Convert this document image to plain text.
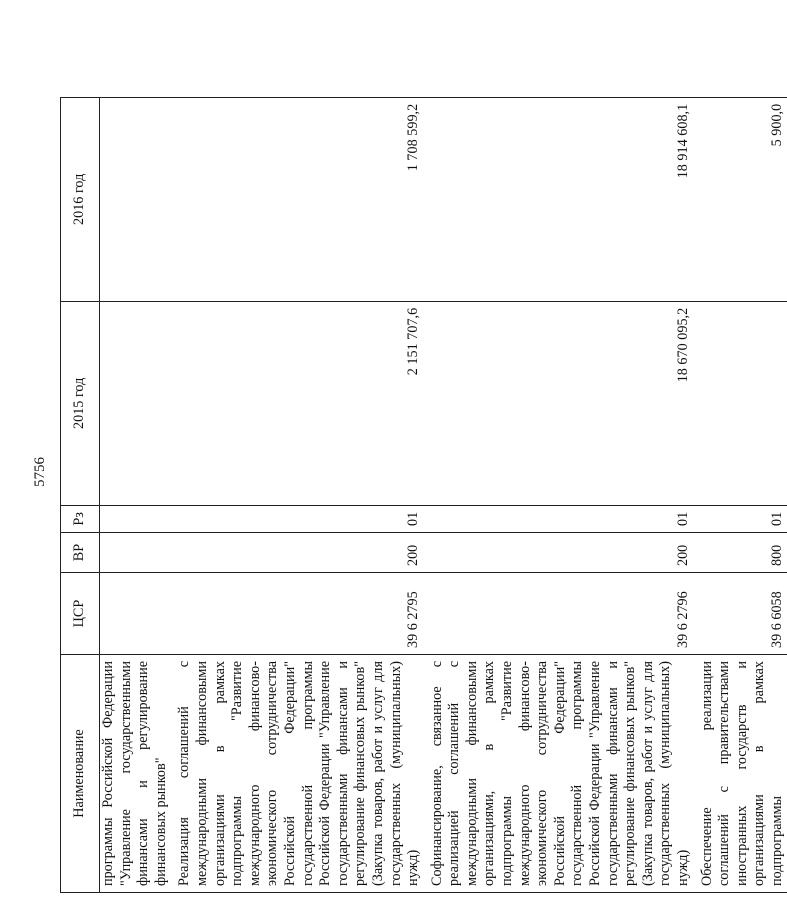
5756
Наименование	ЦСР	ВР	Рз	2015 год	2016 год
программы Российской Федерации "Управление государственными финансами и регулирование финансовых рынков"					
Реализация соглашений с международными финансовыми организациями в рамках подпрограммы "Развитие международного финансово-экономического сотрудничества Российской Федерации" государственной программы Российской Федерации "Управление государственными финансами и регулирование финансовых рынков" (Закупка товаров, работ и услуг для государственных (муниципальных) нужд)	39 6 2795	200	01	2 151 707,6	1 708 599,2
Софинансирование, связанное с реализацией соглашений с международными финансовыми организациями, в рамках подпрограммы "Развитие международного финансово-экономического сотрудничества Российской Федерации" государственной программы Российской Федерации "Управление государственными финансами и регулирование финансовых рынков" (Закупка товаров, работ и услуг для государственных (муниципальных) нужд)	39 6 2796	200	01	18 670 095,2	18 914 608,1
Обеспечение реализации соглашений с правительствами иностранных государств и организациями в рамках подпрограммы	39 6 6058	800	01		5 900,0
